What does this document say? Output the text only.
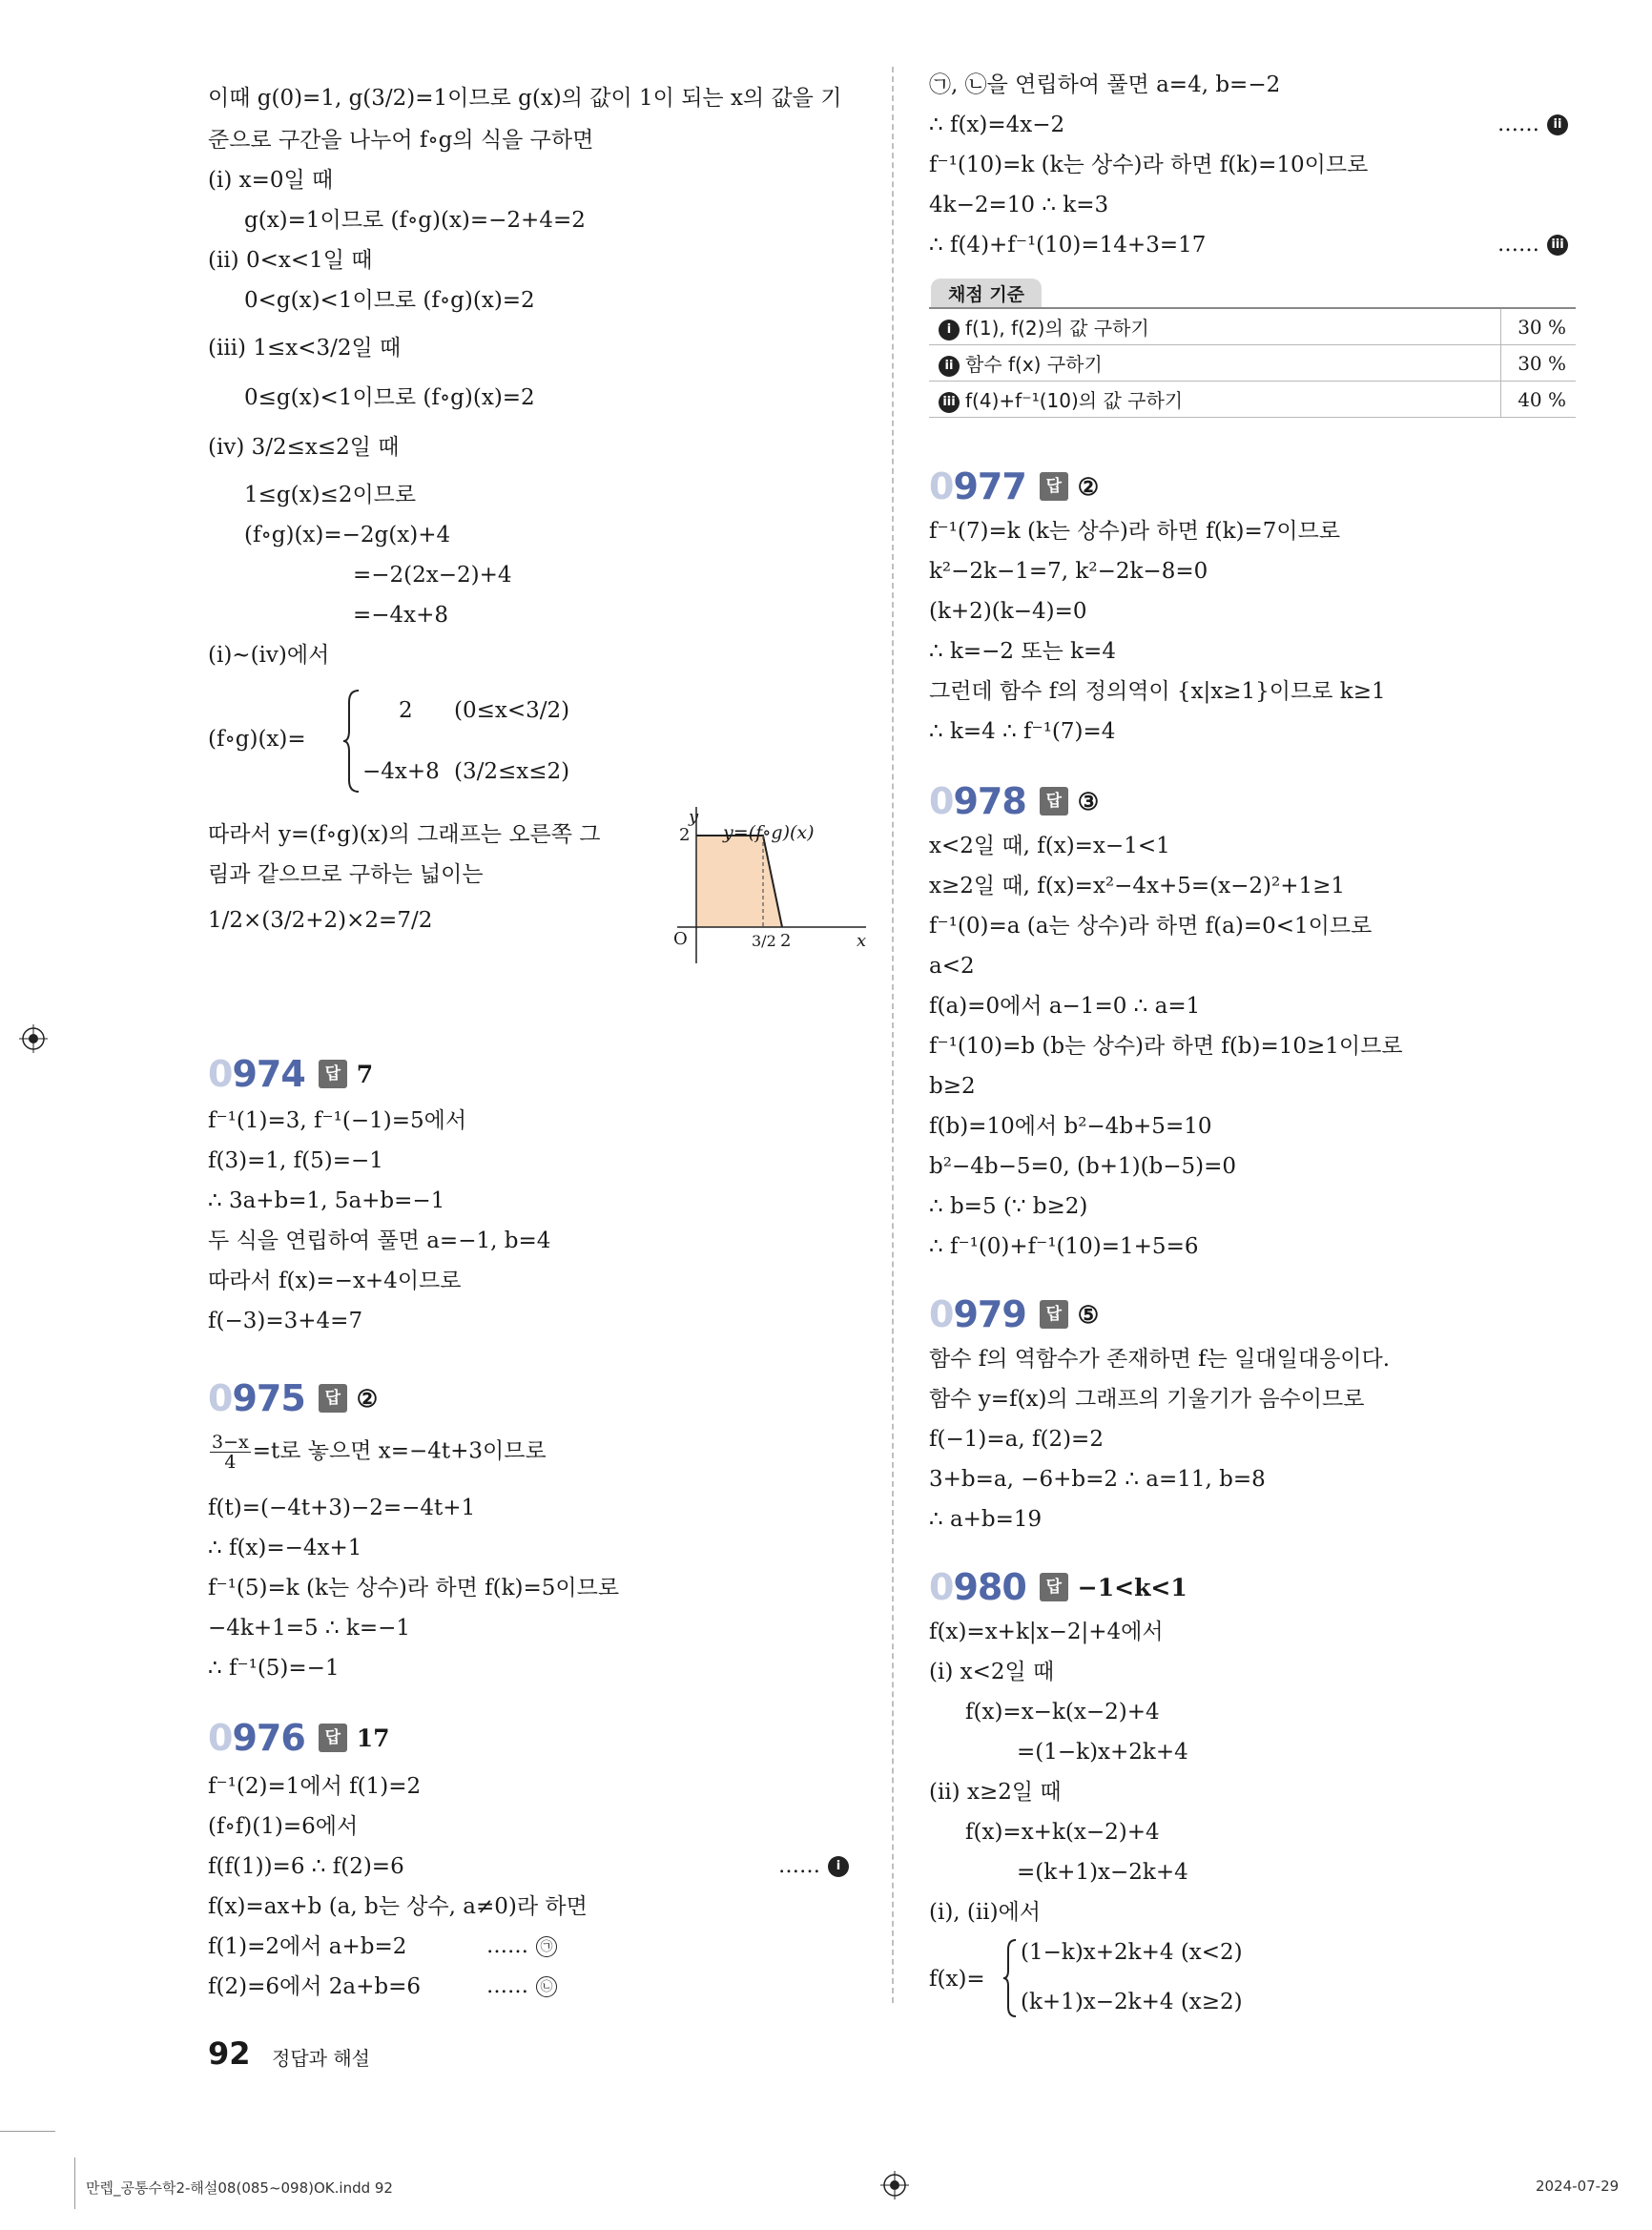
이때 g(0)=1, g(3/2)=1이므로 g(x)의 값이 1이 되는 x의 값을 기
준으로 구간을 나누어 f∘g의 식을 구하면
(ⅰ) x=0일 때
g(x)=1이므로 (f∘g)(x)=−2+4=2
(ⅱ) 0<x<1일 때
0<g(x)<1이므로 (f∘g)(x)=2
(ⅲ) 1≤x<3/2일 때
0≤g(x)<1이므로 (f∘g)(x)=2
(ⅳ) 3/2≤x≤2일 때
1≤g(x)≤2이므로
(f∘g)(x)=−2g(x)+4
=−2(2x−2)+4
=−4x+8
(ⅰ)~(ⅳ)에서
(f∘g)(x)=
2 (0≤x<3/2)
−4x+8 (3/2≤x≤2)
따라서 y=(f∘g)(x)의 그래프는 오른쪽 그
림과 같으므로 구하는 넓이는
1/2×(3/2+2)×2=7/2
y
y=(f∘g)(x)
2
O	3/2 2	x
0974	답 7
f⁻¹(1)=3, f⁻¹(−1)=5에서
f(3)=1, f(5)=−1
∴ 3a+b=1, 5a+b=−1
두 식을 연립하여 풀면 a=−1, b=4
따라서 f(x)=−x+4이므로
f(−3)=3+4=7
0975	답 ②
$\frac{3-x}{4} =t$로 놓으면 x=−4t+3이므로
f(t)=(−4t+3)−2=−4t+1
∴ f(x)=−4x+1
f⁻¹(5)=k (k는 상수)라 하면 f(k)=5이므로
−4k+1=5 ∴ k=−1
∴ f⁻¹(5)=−1
0976	답 17
f⁻¹(2)=1에서 f(1)=2
(f∘f)(1)=6에서
f(f(1))=6 ∴ f(2)=6	…… i
f(x)=ax+b (a, b는 상수, a≠0)라 하면
f(1)=2에서 a+b=2	…… ㉠
f(2)=6에서 2a+b=6	…… ㉡
㉠, ㉡을 연립하여 풀면 a=4, b=−2
∴ f(x)=4x−2	…… ii
f⁻¹(10)=k (k는 상수)라 하면 f(k)=10이므로
4k−2=10 ∴ k=3
∴ f(4)+f⁻¹(10)=14+3=17	…… iii
채점 기준
i f(1), f(2)의 값 구하기	30 %
ii 함수 f(x) 구하기	30 %
iii f(4)+f⁻¹(10)의 값 구하기	40 %
0977	답 ②
f⁻¹(7)=k (k는 상수)라 하면 f(k)=7이므로
k²−2k−1=7, k²−2k−8=0
(k+2)(k−4)=0
∴ k=−2 또는 k=4
그런데 함수 f의 정의역이 {x|x≥1}이므로 k≥1
∴ k=4 ∴ f⁻¹(7)=4
0978	답 ③
x<2일 때, f(x)=x−1<1
x≥2일 때, f(x)=x²−4x+5=(x−2)²+1≥1
f⁻¹(0)=a (a는 상수)라 하면 f(a)=0<1이므로
a<2
f(a)=0에서 a−1=0 ∴ a=1
f⁻¹(10)=b (b는 상수)라 하면 f(b)=10≥1이므로
b≥2
f(b)=10에서 b²−4b+5=10
b²−4b−5=0, (b+1)(b−5)=0
∴ b=5 (∵ b≥2)
∴ f⁻¹(0)+f⁻¹(10)=1+5=6
0979	답 ⑤
함수 f의 역함수가 존재하면 f는 일대일대응이다.
함수 y=f(x)의 그래프의 기울기가 음수이므로
f(−1)=a, f(2)=2
3+b=a, −6+b=2 ∴ a=11, b=8
∴ a+b=19
0980	답 −1<k<1
f(x)=x+k|x−2|+4에서
(ⅰ) x<2일 때
f(x)=x−k(x−2)+4
=(1−k)x+2k+4
(ⅱ) x≥2일 때
f(x)=x+k(x−2)+4
=(k+1)x−2k+4
(ⅰ), (ⅱ)에서
f(x)=
(1−k)x+2k+4 (x<2)
(k+1)x−2k+4 (x≥2)
92 정답과 해설
만렙_공통수학2-해설08(085~098)OK.indd 92	2024-07-29
